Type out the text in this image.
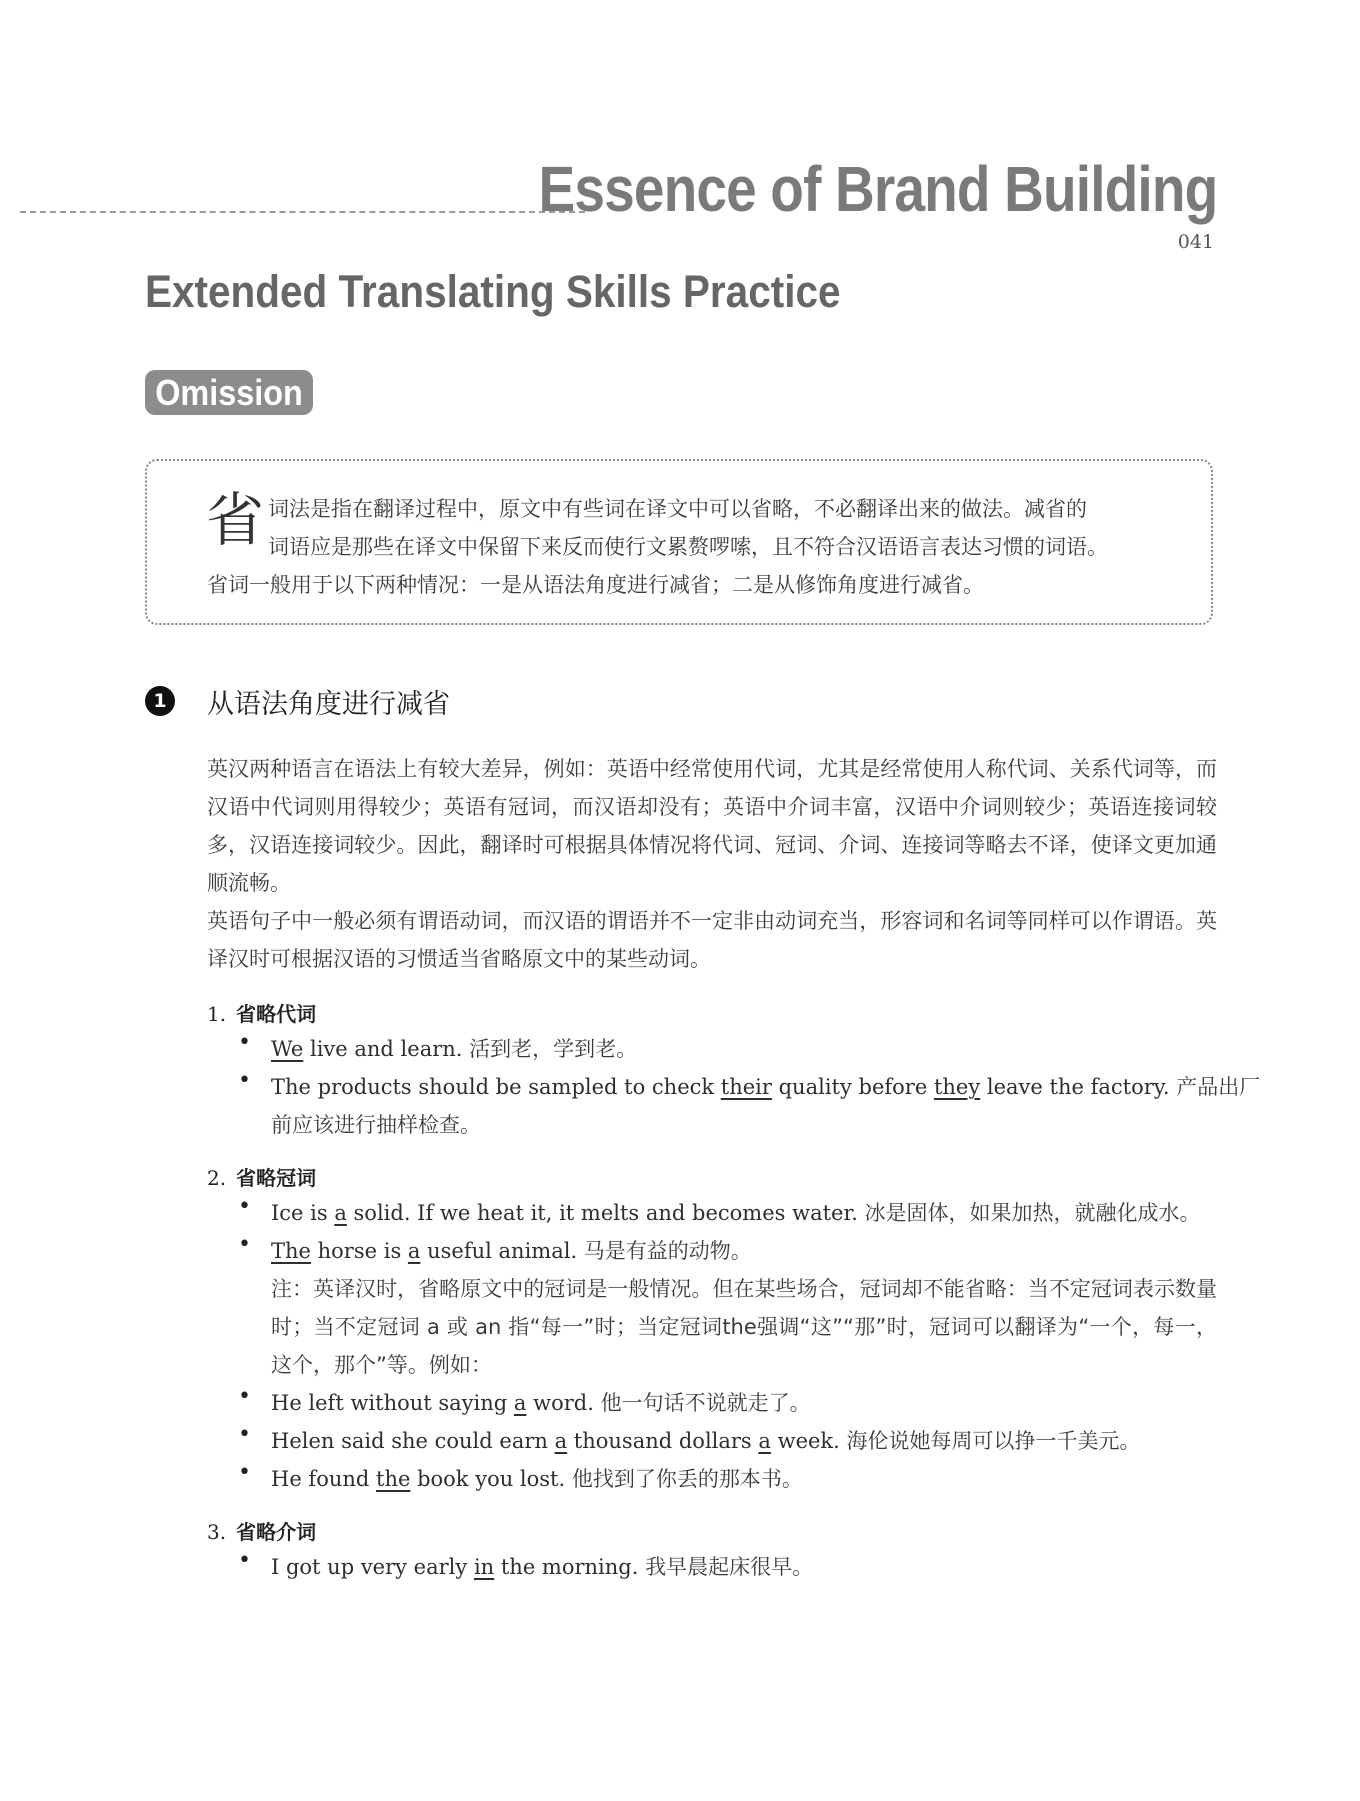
Essence of Brand Building
041
Extended Translating Skills Practice
Omission
省 词法是指在翻译过程中，原文中有些词在译文中可以省略，不必翻译出来的做法。减省的
词语应是那些在译文中保留下来反而使行文累赘啰嗦，且不符合汉语语言表达习惯的词语。
省词一般用于以下两种情况：一是从语法角度进行减省；二是从修饰角度进行减省。
1	从语法角度进行减省
英汉两种语言在语法上有较大差异，例如：英语中经常使用代词，尤其是经常使用人称代词、关系代词等，而汉语中代词则用得较少；英语有冠词，而汉语却没有；英语中介词丰富，汉语中介词则较少；英语连接词较多，汉语连接词较少。因此，翻译时可根据具体情况将代词、冠词、介词、连接词等略去不译，使译文更加通顺流畅。
英语句子中一般必须有谓语动词，而汉语的谓语并不一定非由动词充当，形容词和名词等同样可以作谓语。英译汉时可根据汉语的习惯适当省略原文中的某些动词。
1. 省略代词
• We live and learn. 活到老，学到老。
• The products should be sampled to check their quality before they leave the factory. 产品出厂
前应该进行抽样检查。
2. 省略冠词
• Ice is a solid. If we heat it, it melts and becomes water. 冰是固体，如果加热，就融化成水。
• The horse is a useful animal. 马是有益的动物。
注：英译汉时，省略原文中的冠词是一般情况。但在某些场合，冠词却不能省略：当不定冠词表示数量时；当不定冠词 a 或 an 指“每一”时；当定冠词the强调“这”“那”时，冠词可以翻译为“一个，每一，这个，那个”等。例如：
• He left without saying a word. 他一句话不说就走了。
• Helen said she could earn a thousand dollars a week. 海伦说她每周可以挣一千美元。
• He found the book you lost. 他找到了你丢的那本书。
3. 省略介词
• I got up very early in the morning. 我早晨起床很早。
